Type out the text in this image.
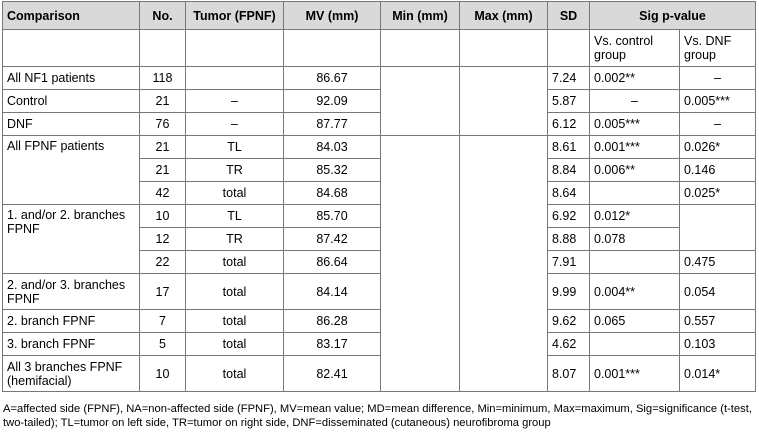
Comparison	No.	Tumor (FPNF)	MV (mm)	Min (mm)	Max (mm)	SD	Sig p-value	
							Vs. control group	Vs. DNF group
All NF1 patients	118		86.67			7.24	0.002**	–
Control	21	–	92.09			5.87	–	0.005***
DNF	76	–	87.77			6.12	0.005***	–
All FPNF patients	21	TL	84.03			8.61	0.001***	0.026*
	21	TR	85.32			8.84	0.006**	0.146
	42	total	84.68			8.64		0.025*
1. and/or 2. branches FPNF	10	TL	85.70			6.92	0.012*	
	12	TR	87.42			8.88	0.078	
	22	total	86.64			7.91		0.475
2. and/or 3. branches FPNF	17	total	84.14			9.99	0.004**	0.054
2. branch FPNF	7	total	86.28			9.62	0.065	0.557
3. branch FPNF	5	total	83.17			4.62		0.103
All 3 branches FPNF (hemifacial)	10	total	82.41			8.07	0.001***	0.014*
A=affected side (FPNF), NA=non-affected side (FPNF), MV=mean value; MD=mean difference, Min=minimum, Max=maximum, Sig=significance (t-test, two-tailed); TL=tumor on left side, TR=tumor on right side, DNF=disseminated (cutaneous) neurofibroma group
